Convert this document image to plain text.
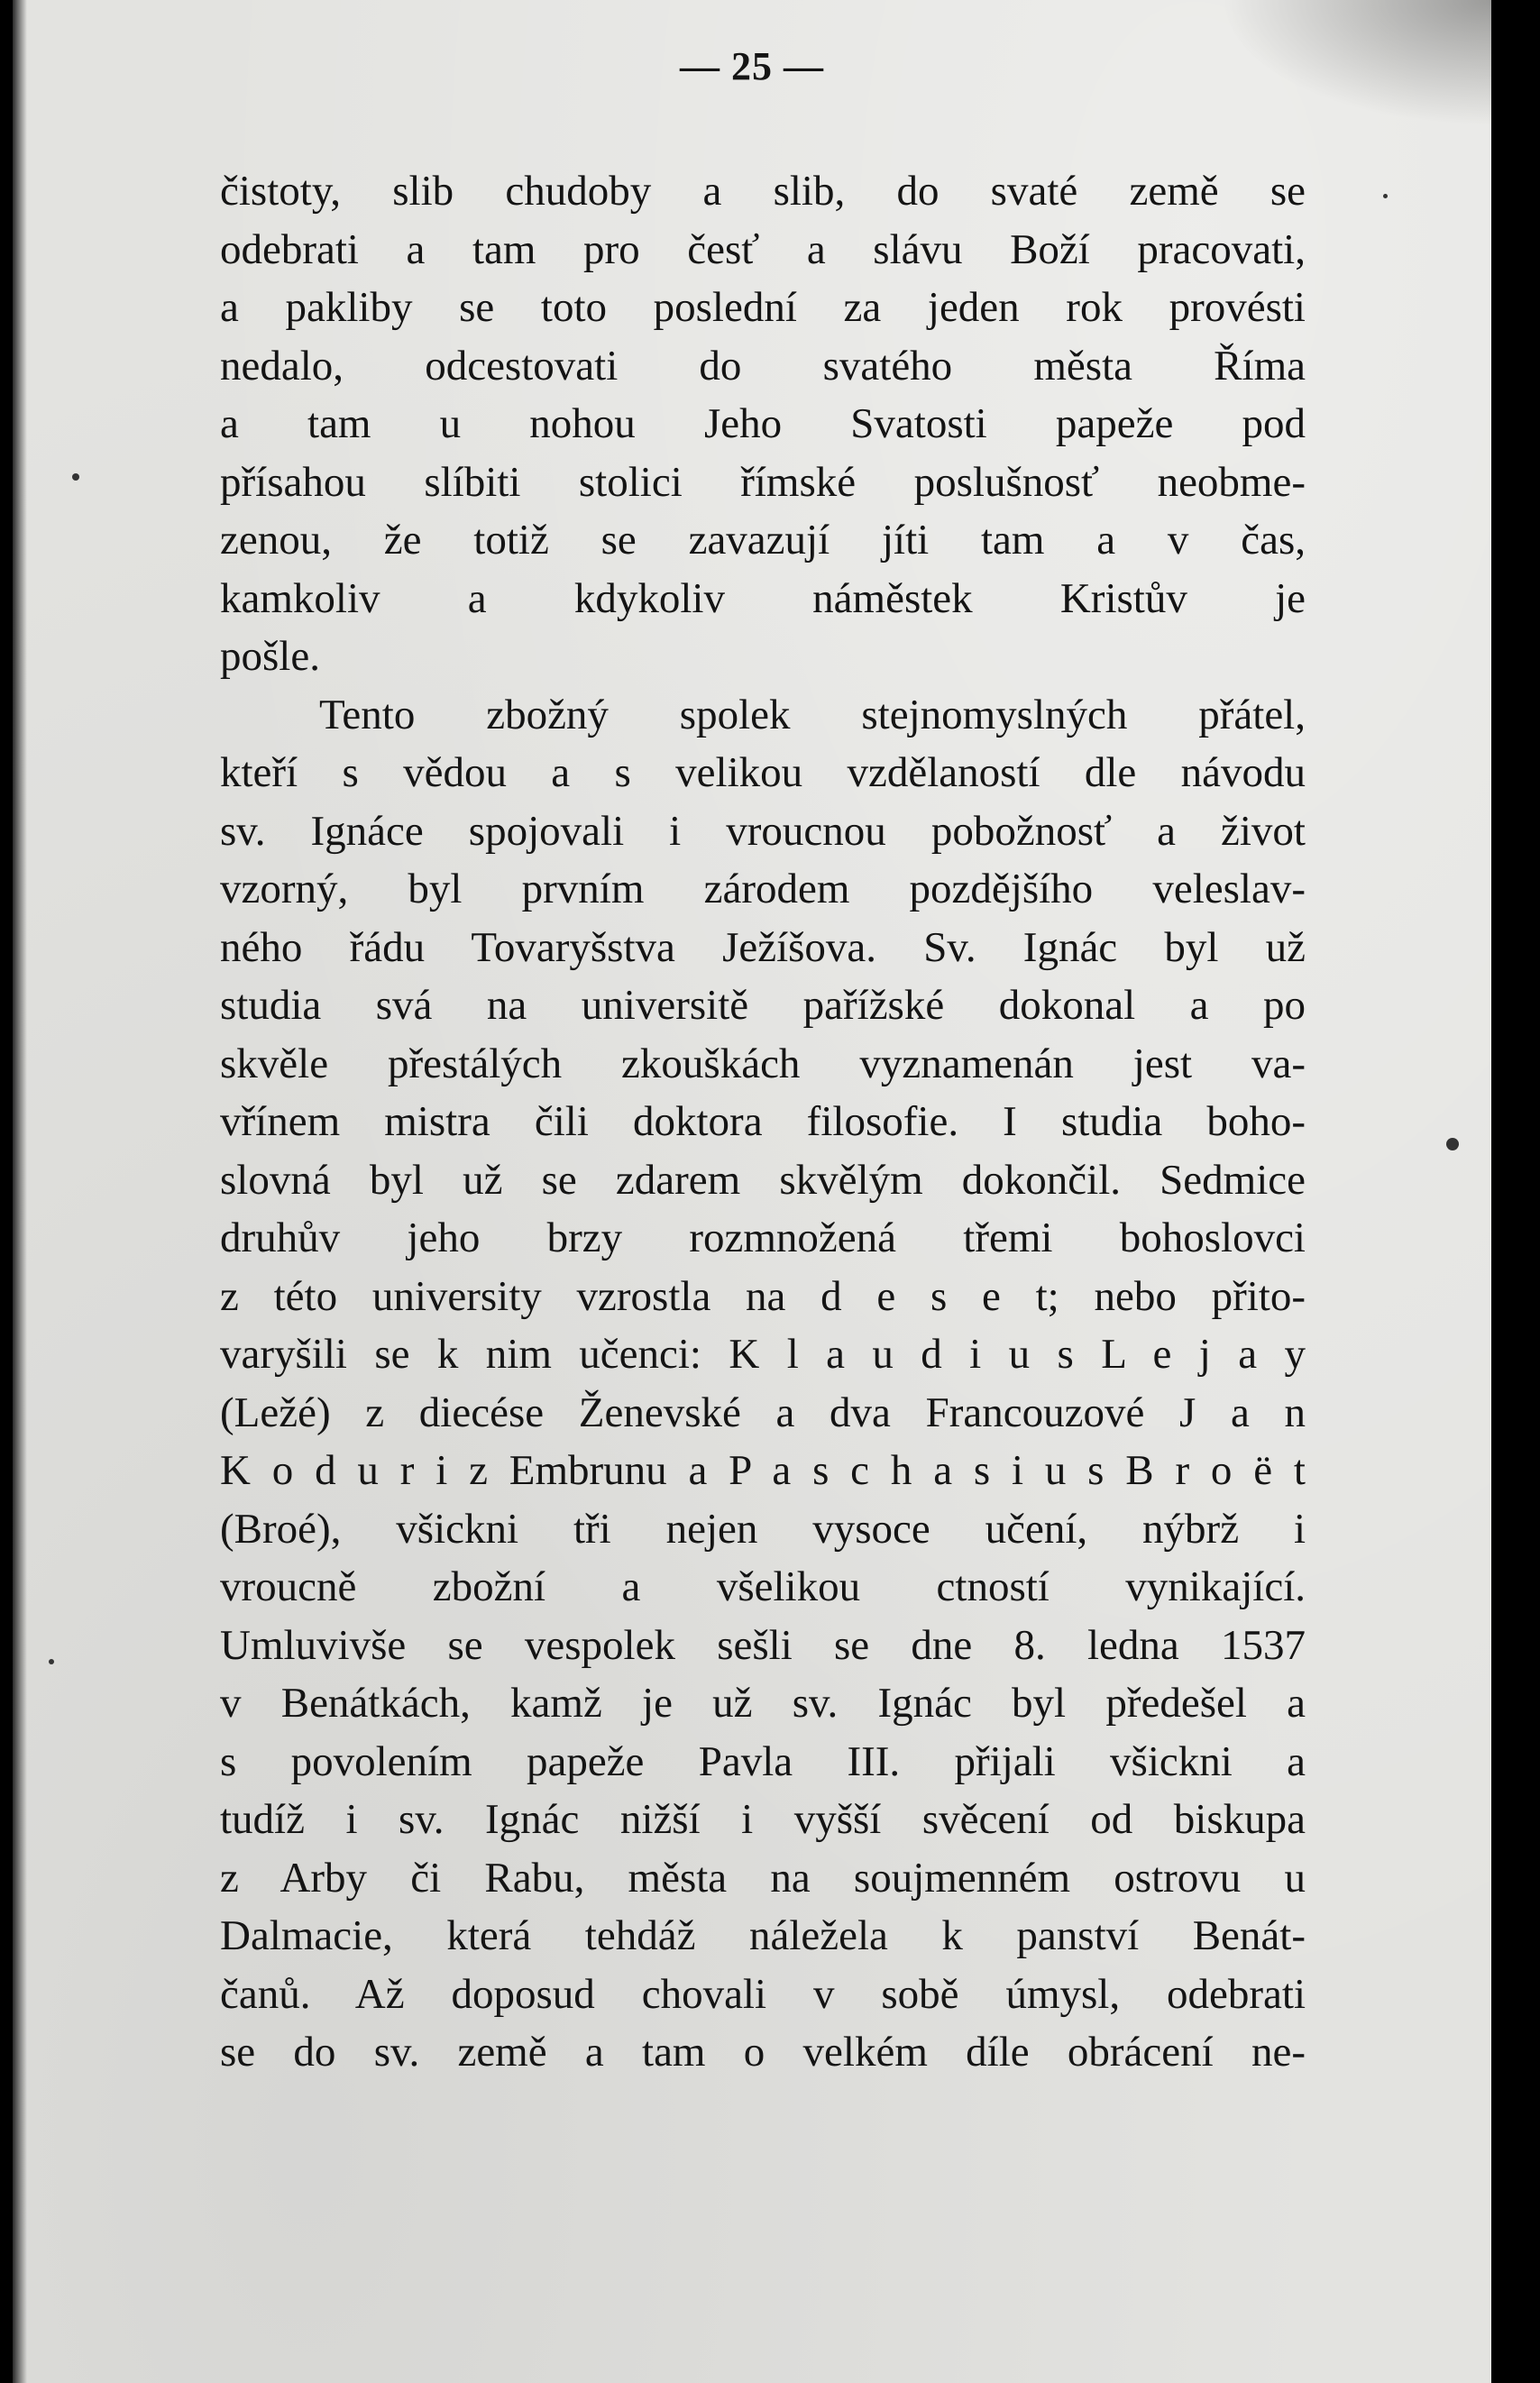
— 25 —
čistoty, slib chudoby a slib, do svaté země se
odebrati a tam pro česť a slávu Boží pracovati,
a pakliby se toto poslední za jeden rok provésti
nedalo, odcestovati do svatého města Říma
a tam u nohou Jeho Svatosti papeže pod
přísahou slíbiti stolici římské poslušnosť neobme-
zenou, že totiž se zavazují jíti tam a v čas,
kamkoliv a kdykoliv náměstek Kristův je
pošle.
Tento zbožný spolek stejnomyslných přátel,
kteří s vědou a s velikou vzdělaností dle návodu
sv. Ignáce spojovali i vroucnou pobožnosť a život
vzorný, byl prvním zárodem pozdějšího veleslav-
ného řádu Tovaryšstva Ježíšova. Sv. Ignác byl už
studia svá na universitě pařížské dokonal a po
skvěle přestálých zkouškách vyznamenán jest va-
vřínem mistra čili doktora filosofie. I studia boho-
slovná byl už se zdarem skvělým dokončil. Sedmice
druhův jeho brzy rozmnožená třemi bohoslovci
z této university vzrostla na d e s e t; nebo přito-
varyšili se k nim učenci: K l a u d i u s L e j a y
(Ležé) z diecése Ženevské a dva Francouzové J a n
K o d u r i z Embrunu a P a s c h a s i u s B r o ë t
(Broé), všickni tři nejen vysoce učení, nýbrž i
vroucně zbožní a všelikou ctností vynikající.
Umluvivše se vespolek sešli se dne 8. ledna 1537
v Benátkách, kamž je už sv. Ignác byl předešel a
s povolením papeže Pavla III. přijali všicknі a
tudíž i sv. Ignác nižší i vyšší svěcení od biskupa
z Arby či Rabu, města na soujmenném ostrovu u
Dalmacie, která tehdáž náležela k panství Benát-
čanů. Až doposud chovali v sobě úmysl, odebrati
se do sv. země a tam o velkém díle obrácení ne-
